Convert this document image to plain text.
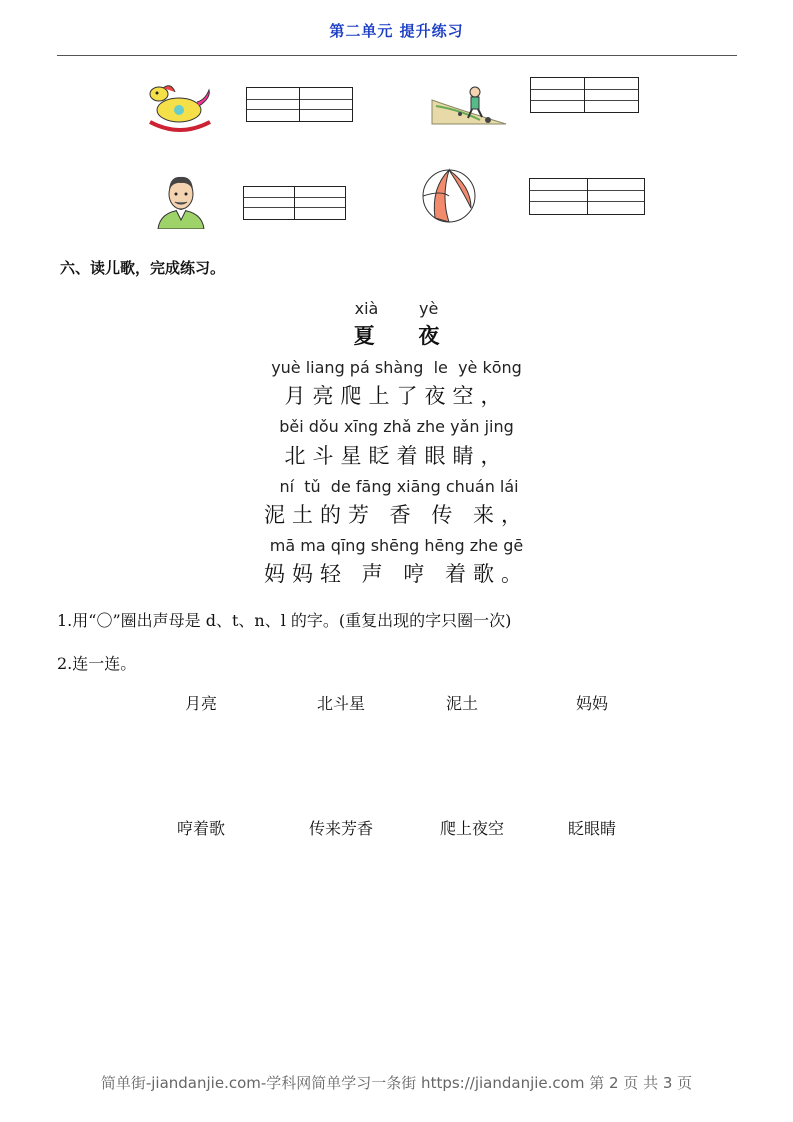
第二单元 提升练习
六、读儿歌，完成练习。
xià        yè
夏      夜
yuè liang pá shàng  le  yè kōng
月亮爬上了夜空，
běi dǒu xīng zhǎ zhe yǎn jing
北斗星眨着眼睛，
ní  tǔ  de fāng xiāng chuán lái
泥土的芳 香 传 来，
mā ma qīng shēng hēng zhe gē
妈妈轻 声 哼 着歌。
1.用“〇”圈出声母是 d、t、n、l 的字。(重复出现的字只圈一次)
2.连一连。
月亮	北斗星	泥土	妈妈
哼着歌	传来芳香	爬上夜空	眨眼睛
简单街-jiandanjie.com-学科网简单学习一条街 https://jiandanjie.com 第 2 页 共 3 页
